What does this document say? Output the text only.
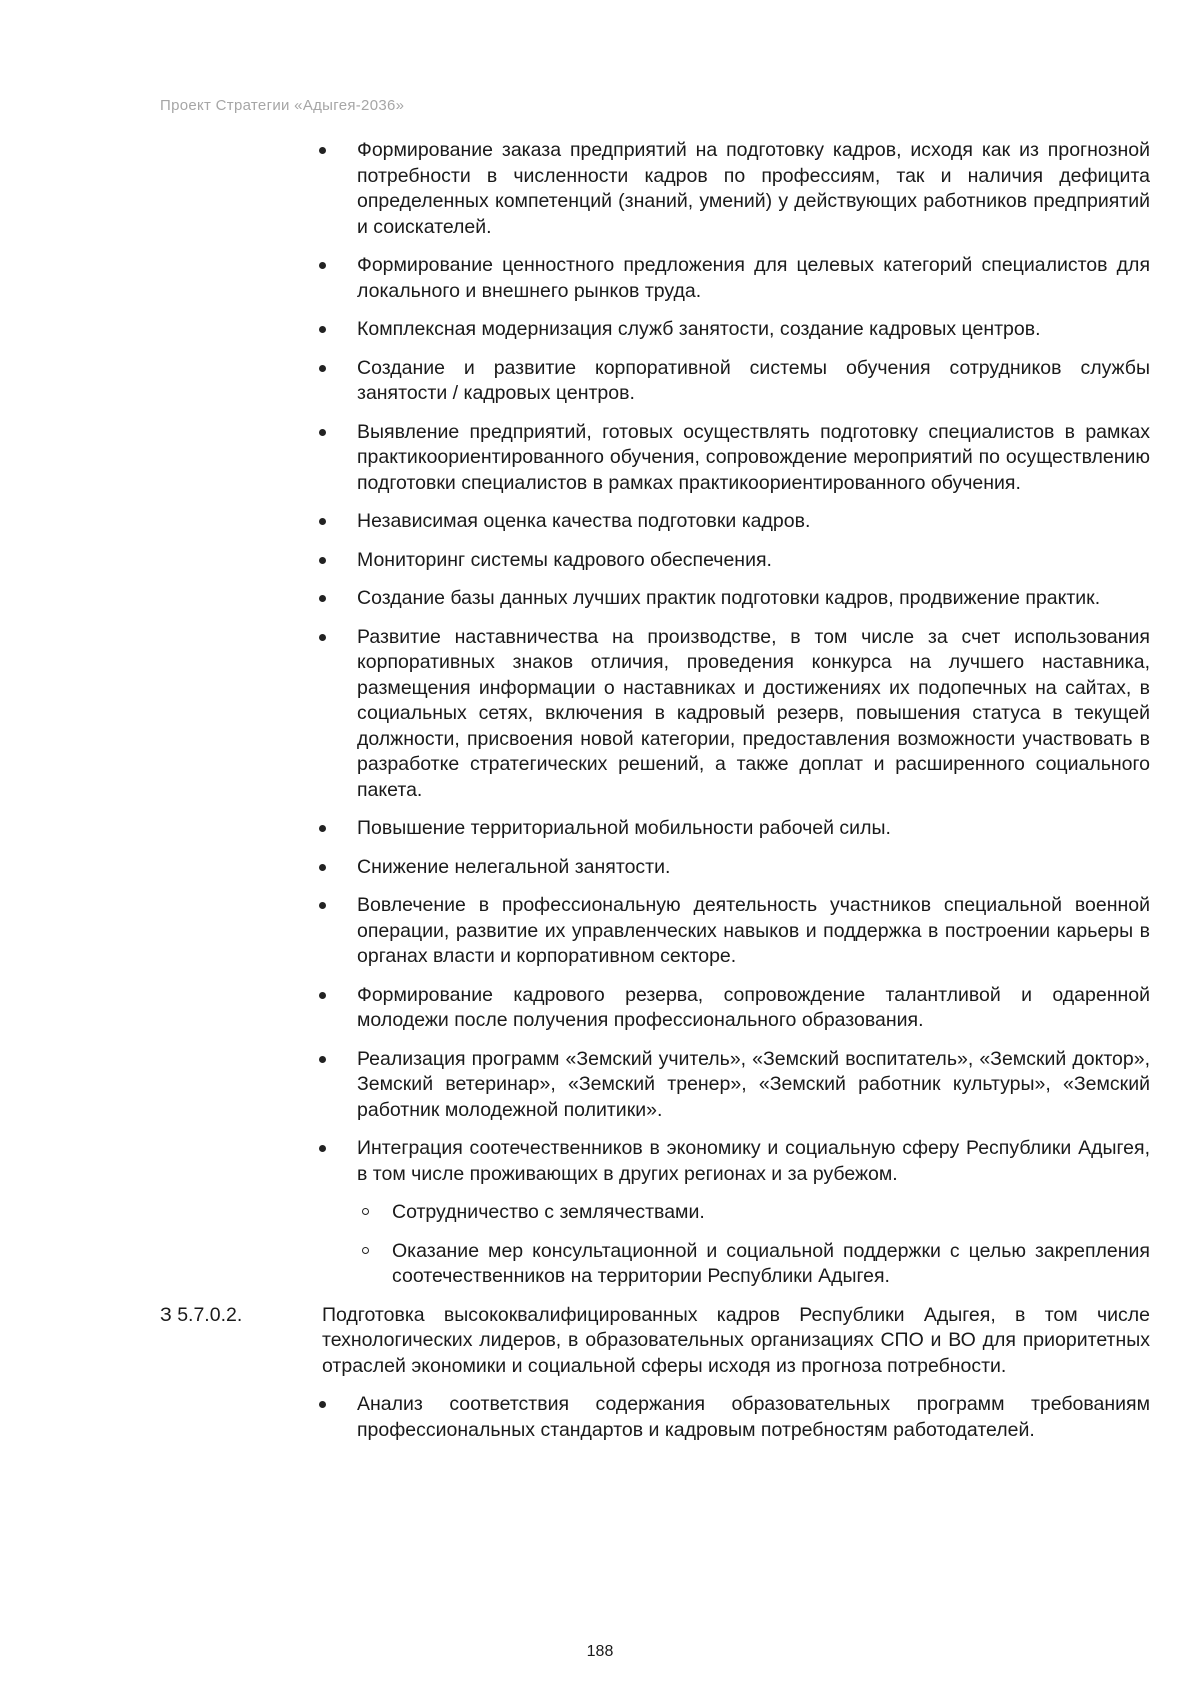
Проект Стратегии «Адыгея-2036»
Формирование заказа предприятий на подготовку кадров, исходя как из прогнозной потребности в численности кадров по профессиям, так и наличия дефицита определенных компетенций (знаний, умений) у действующих работников предприятий и соискателей.
Формирование ценностного предложения для целевых категорий специалистов для локального и внешнего рынков труда.
Комплексная модернизация служб занятости, создание кадровых центров.
Создание и развитие корпоративной системы обучения сотрудников службы занятости / кадровых центров.
Выявление предприятий, готовых осуществлять подготовку специалистов в рамках практикоориентированного обучения, сопровождение мероприятий по осуществлению подготовки специалистов в рамках практикоориентированного обучения.
Независимая оценка качества подготовки кадров.
Мониторинг системы кадрового обеспечения.
Создание базы данных лучших практик подготовки кадров, продвижение практик.
Развитие наставничества на производстве, в том числе за счет использования корпоративных знаков отличия, проведения конкурса на лучшего наставника, размещения информации о наставниках и достижениях их подопечных на сайтах, в социальных сетях, включения в кадровый резерв, повышения статуса в текущей должности, присвоения новой категории, предоставления возможности участвовать в разработке стратегических решений, а также доплат и расширенного социального пакета.
Повышение территориальной мобильности рабочей силы.
Снижение нелегальной занятости.
Вовлечение в профессиональную деятельность участников специальной военной операции, развитие их управленческих навыков и поддержка в построении карьеры в органах власти и корпоративном секторе.
Формирование кадрового резерва, сопровождение талантливой и одаренной молодежи после получения профессионального образования.
Реализация программ «Земский учитель», «Земский воспитатель», «Земский доктор», Земский ветеринар», «Земский тренер», «Земский работник культуры», «Земский работник молодежной политики».
Интеграция соотечественников в экономику и социальную сферу Республики Адыгея, в том числе проживающих в других регионах и за рубежом.
Сотрудничество с землячествами.
Оказание мер консультационной и социальной поддержки с целью закрепления соотечественников на территории Республики Адыгея.
З 5.7.0.2.	Подготовка высококвалифицированных кадров Республики Адыгея, в том числе технологических лидеров, в образовательных организациях СПО и ВО для приоритетных отраслей экономики и социальной сферы исходя из прогноза потребности.
Анализ соответствия содержания образовательных программ требованиям профессиональных стандартов и кадровым потребностям работодателей.
188
